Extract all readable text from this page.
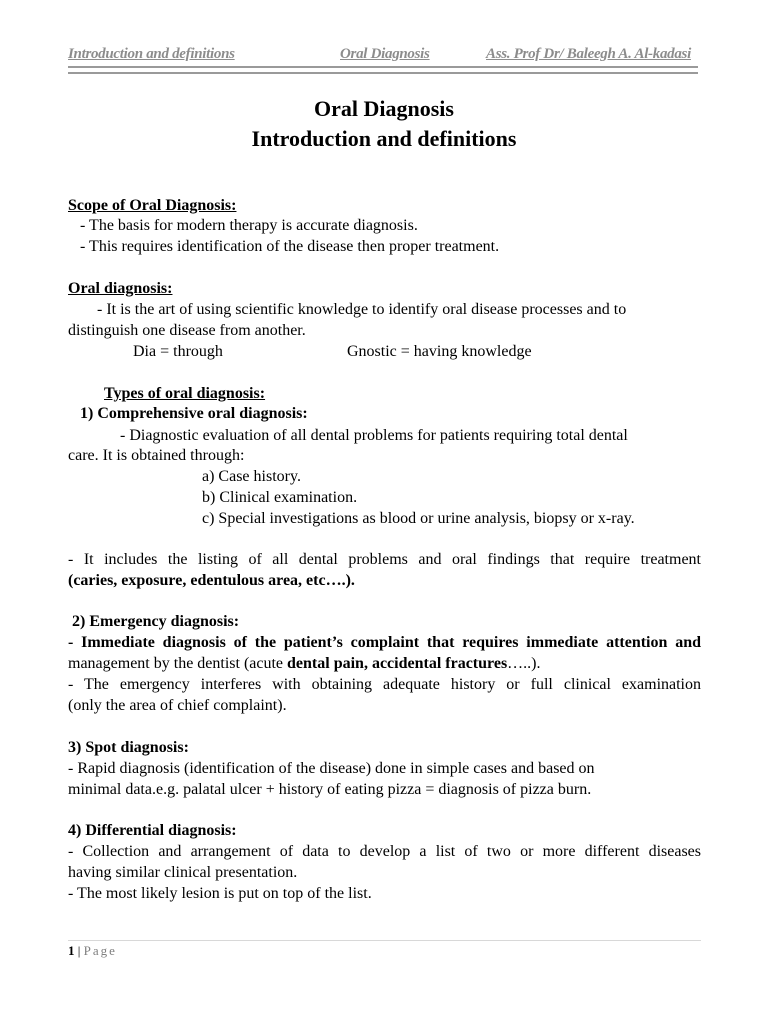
Introduction and definitions	Oral Diagnosis	Ass. Prof Dr/ Baleegh A. Al-kadasi
Oral Diagnosis
Introduction and definitions

Scope of Oral Diagnosis:

- The basis for modern therapy is accurate diagnosis.

- This requires identification of the disease then proper treatment.

Oral diagnosis:

- It is the art of using scientific knowledge to identify oral disease processes and to

distinguish one disease from another.

Dia = through	Gnostic = having knowledge

Types of oral diagnosis:

1) Comprehensive oral diagnosis:

- Diagnostic evaluation of all dental problems for patients requiring total dental

care. It is obtained through:

a) Case history.

b) Clinical examination.

c) Special investigations as blood or urine analysis, biopsy or x-ray.

- It includes the listing of all dental problems and oral findings that require treatment

(caries, exposure, edentulous area, etc….).

2) Emergency diagnosis:

- Immediate diagnosis of the patient’s complaint that requires immediate attention and

management by the dentist (acute dental pain, accidental fractures…..).

- The emergency interferes with obtaining adequate history or full clinical examination

(only the area of chief complaint).

3) Spot diagnosis:

- Rapid diagnosis (identification of the disease) done in simple cases and based on

minimal data.e.g. palatal ulcer + history of eating pizza = diagnosis of pizza burn.

4) Differential diagnosis:

- Collection and arrangement of data to develop a list of two or more different diseases

having similar clinical presentation.

- The most likely lesion is put on top of the list.

1 | Page
